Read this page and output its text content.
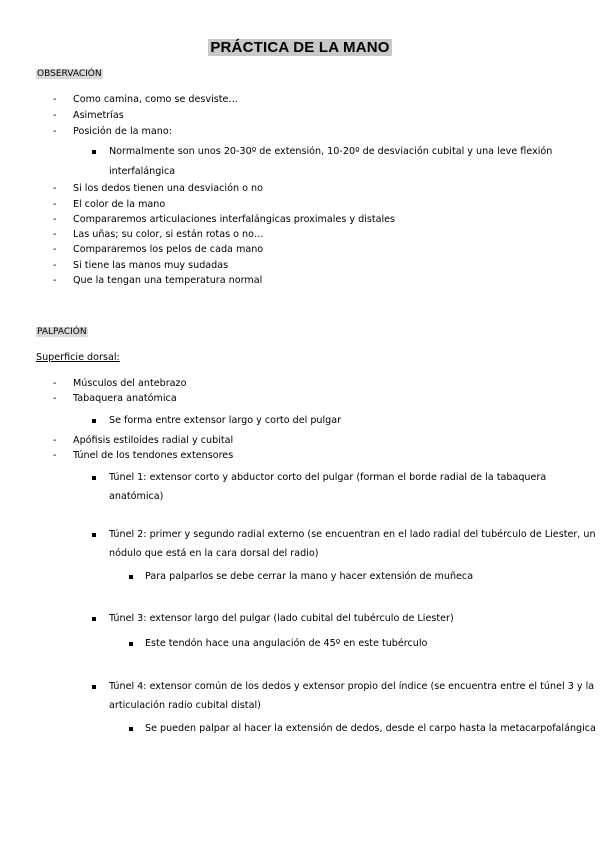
PRÁCTICA DE LA MANO
OBSERVACIÓN
- Como camina, como se desviste…
- Asimetrías
- Posición de la mano:
Normalmente son unos 20-30º de extensión, 10-20º de desviación cubital y una leve flexión
interfalángica
- Si los dedos tienen una desviación o no
- El color de la mano
- Compararemos articulaciones interfalángicas proximales y distales
- Las uñas; su color, si están rotas o no…
- Compararemos los pelos de cada mano
- Si tiene las manos muy sudadas
- Que la tengan una temperatura normal
PALPACIÓN
Superficie dorsal:
- Músculos del antebrazo
- Tabaquera anatómica
Se forma entre extensor largo y corto del pulgar
- Apófisis estiloides radial y cubital
- Túnel de los tendones extensores
Túnel 1: extensor corto y abductor corto del pulgar (forman el borde radial de la tabaquera
anatómica)
Túnel 2: primer y segundo radial externo (se encuentran en el lado radial del tubérculo de Liester, un
nódulo que está en la cara dorsal del radio)
Para palparlos se debe cerrar la mano y hacer extensión de muñeca
Túnel 3: extensor largo del pulgar (lado cubital del tubérculo de Liester)
Este tendón hace una angulación de 45º en este tubérculo
Túnel 4: extensor común de los dedos y extensor propio del índice (se encuentra entre el túnel 3 y la
articulación radio cubital distal)
Se pueden palpar al hacer la extensión de dedos, desde el carpo hasta la metacarpofalángica
